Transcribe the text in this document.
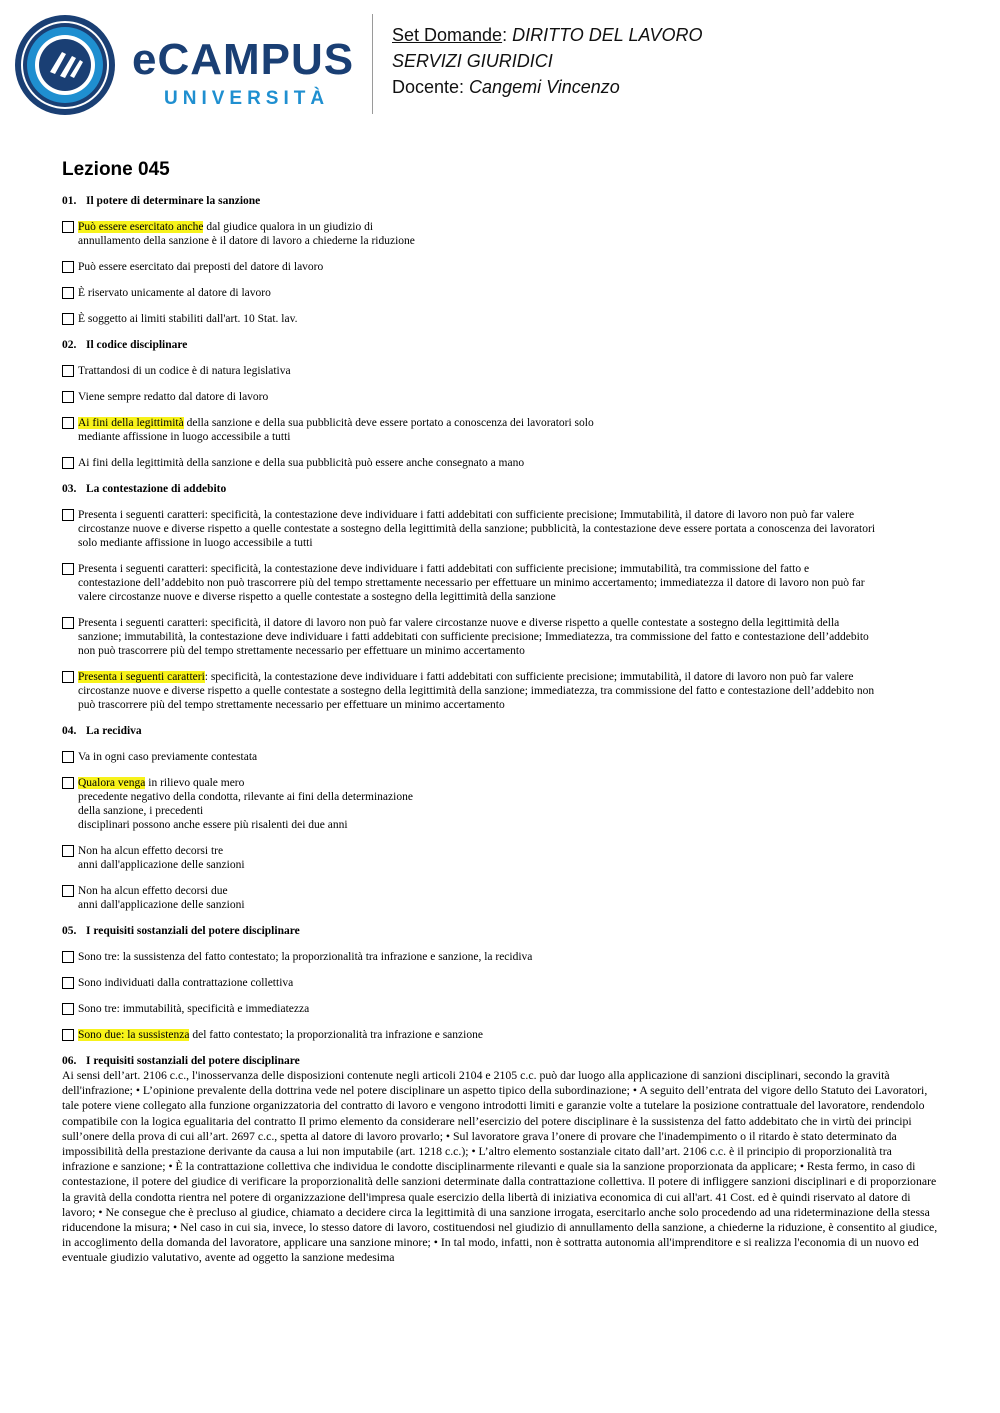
eCAMPUS
UNIVERSITÀ
Set Domande: DIRITTO DEL LAVORO
SERVIZI GIURIDICI
Docente: Cangemi Vincenzo
Lezione 045
01. Il potere di determinare la sanzione
Può essere esercitato anche dal giudice qualora in un giudizio di
annullamento della sanzione è il datore di lavoro a chiederne la riduzione
Può essere esercitato dai preposti del datore di lavoro
È riservato unicamente al datore di lavoro
È soggetto ai limiti stabiliti dall'art. 10 Stat. lav.
02. Il codice disciplinare
Trattandosi di un codice è di natura legislativa
Viene sempre redatto dal datore di lavoro
Ai fini della legittimità della sanzione e della sua pubblicità deve essere portato a conoscenza dei lavoratori solo
mediante affissione in luogo accessibile a tutti
Ai fini della legittimità della sanzione e della sua pubblicità può essere anche consegnato a mano
03. La contestazione di addebito
Presenta i seguenti caratteri: specificità, la contestazione deve individuare i fatti addebitati con sufficiente precisione; Immutabilità, il datore di lavoro non può far valere
circostanze nuove e diverse rispetto a quelle contestate a sostegno della legittimità della sanzione; pubblicità, la contestazione deve essere portata a conoscenza dei lavoratori
solo mediante affissione in luogo accessibile a tutti
Presenta i seguenti caratteri: specificità, la contestazione deve individuare i fatti addebitati con sufficiente precisione; immutabilità, tra commissione del fatto e
contestazione dell’addebito non può trascorrere più del tempo strettamente necessario per effettuare un minimo accertamento; immediatezza il datore di lavoro non può far
valere circostanze nuove e diverse rispetto a quelle contestate a sostegno della legittimità della sanzione
Presenta i seguenti caratteri: specificità, il datore di lavoro non può far valere circostanze nuove e diverse rispetto a quelle contestate a sostegno della legittimità della
sanzione; immutabilità, la contestazione deve individuare i fatti addebitati con sufficiente precisione; Immediatezza, tra commissione del fatto e contestazione dell’addebito
non può trascorrere più del tempo strettamente necessario per effettuare un minimo accertamento
Presenta i seguenti caratteri: specificità, la contestazione deve individuare i fatti addebitati con sufficiente precisione; immutabilità, il datore di lavoro non può far valere
circostanze nuove e diverse rispetto a quelle contestate a sostegno della legittimità della sanzione; immediatezza, tra commissione del fatto e contestazione dell’addebito non
può trascorrere più del tempo strettamente necessario per effettuare un minimo accertamento
04. La recidiva
Va in ogni caso previamente contestata
Qualora venga in rilievo quale mero
precedente negativo della condotta, rilevante ai fini della determinazione
della sanzione, i precedenti
disciplinari possono anche essere più risalenti dei due anni
Non ha alcun effetto decorsi tre
anni dall'applicazione delle sanzioni
Non ha alcun effetto decorsi due
anni dall'applicazione delle sanzioni
05. I requisiti sostanziali del potere disciplinare
Sono tre: la sussistenza del fatto contestato; la proporzionalità tra infrazione e sanzione, la recidiva
Sono individuati dalla contrattazione collettiva
Sono tre: immutabilità, specificità e immediatezza
Sono due: la sussistenza del fatto contestato; la proporzionalità tra infrazione e sanzione
06. I requisiti sostanziali del potere disciplinare
Ai sensi dell’art. 2106 c.c., l'inosservanza delle disposizioni contenute negli articoli 2104 e 2105 c.c. può dar luogo alla applicazione di sanzioni disciplinari, secondo la gravità dell'infrazione; • L’opinione prevalente della dottrina vede nel potere disciplinare un aspetto tipico della subordinazione; • A seguito dell’entrata del vigore dello Statuto dei Lavoratori, tale potere viene collegato alla funzione organizzatoria del contratto di lavoro e vengono introdotti limiti e garanzie volte a tutelare la posizione contrattuale del lavoratore, rendendolo compatibile con la logica egualitaria del contratto Il primo elemento da considerare nell’esercizio del potere disciplinare è la sussistenza del fatto addebitato che in virtù dei principi sull’onere della prova di cui all’art. 2697 c.c., spetta al datore di lavoro provarlo; • Sul lavoratore grava l’onere di provare che l'inadempimento o il ritardo è stato determinato da impossibilità della prestazione derivante da causa a lui non imputabile (art. 1218 c.c.); • L’altro elemento sostanziale citato dall’art. 2106 c.c. è il principio di proporzionalità tra infrazione e sanzione; • È la contrattazione collettiva che individua le condotte disciplinarmente rilevanti e quale sia la sanzione proporzionata da applicare; • Resta fermo, in caso di contestazione, il potere del giudice di verificare la proporzionalità delle sanzioni determinate dalla contrattazione collettiva. Il potere di infliggere sanzioni disciplinari e di proporzionare la gravità della condotta rientra nel potere di organizzazione dell'impresa quale esercizio della libertà di iniziativa economica di cui all'art. 41 Cost. ed è quindi riservato al datore di lavoro; • Ne consegue che è precluso al giudice, chiamato a decidere circa la legittimità di una sanzione irrogata, esercitarlo anche solo procedendo ad una rideterminazione della stessa riducendone la misura; • Nel caso in cui sia, invece, lo stesso datore di lavoro, costituendosi nel giudizio di annullamento della sanzione, a chiederne la riduzione, è consentito al giudice, in accoglimento della domanda del lavoratore, applicare una sanzione minore; • In tal modo, infatti, non è sottratta autonomia all'imprenditore e si realizza l'economia di un nuovo ed eventuale giudizio valutativo, avente ad oggetto la sanzione medesima
